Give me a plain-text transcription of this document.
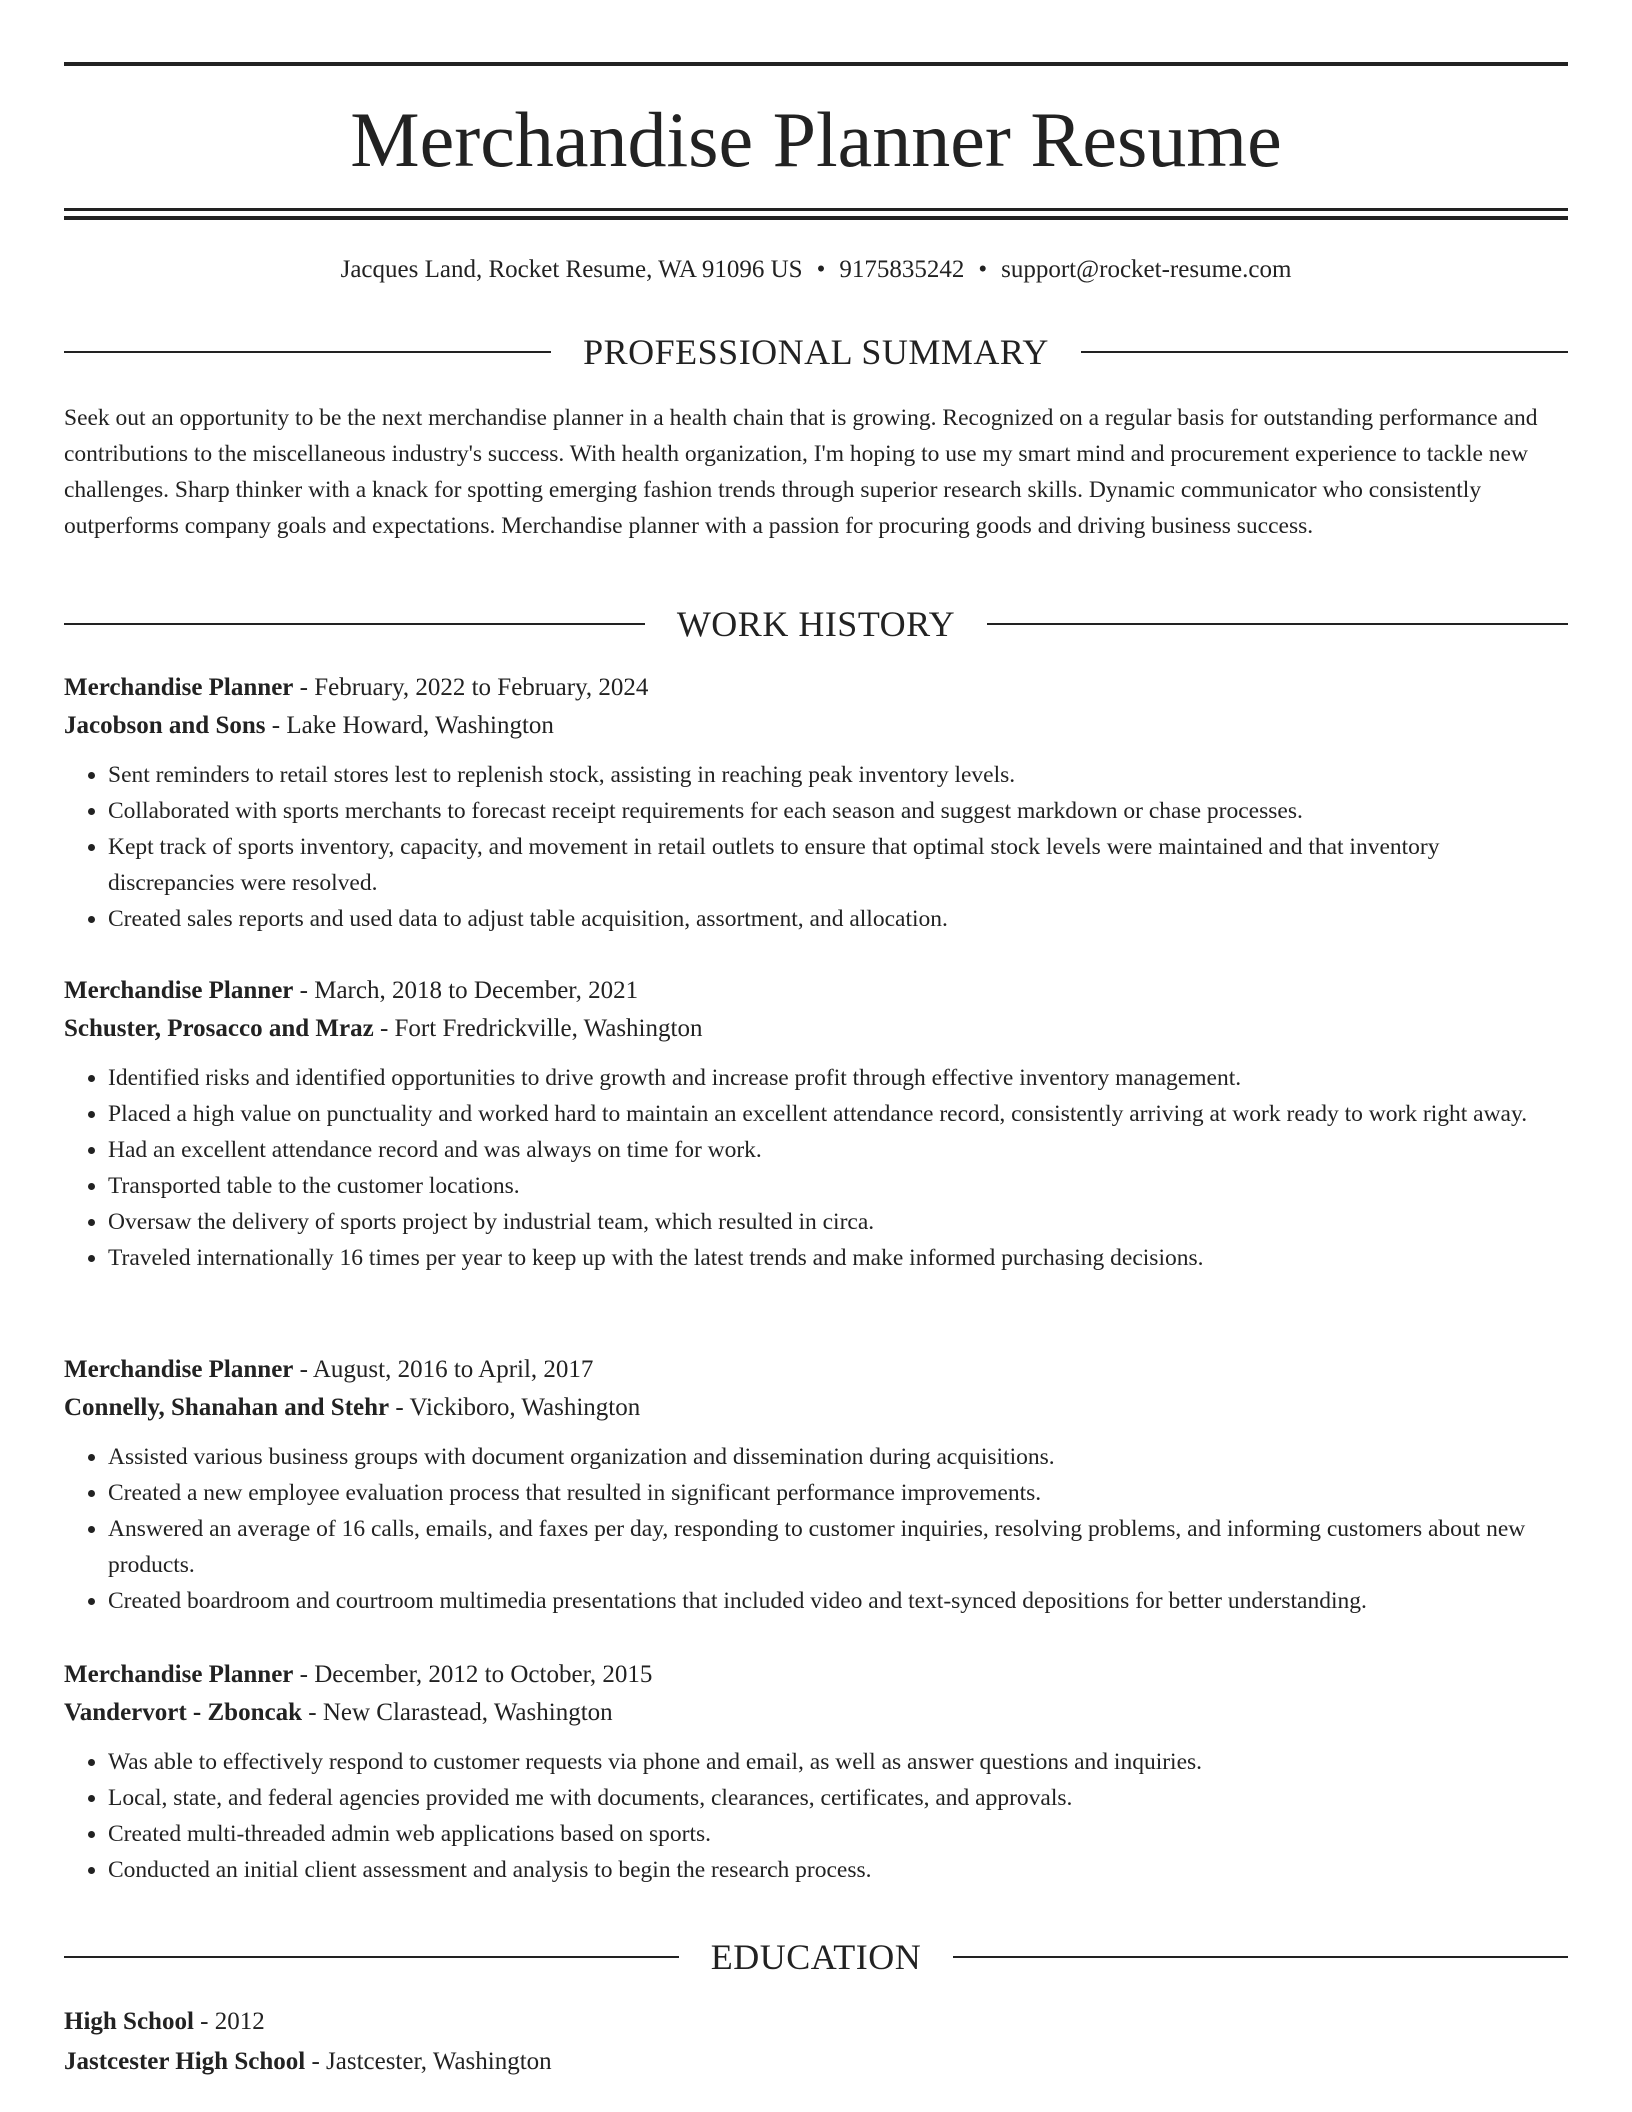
Merchandise Planner Resume
Jacques Land, Rocket Resume, WA 91096 US • 9175835242 • support@rocket-resume.com
PROFESSIONAL SUMMARY

Seek out an opportunity to be the next merchandise planner in a health chain that is growing. Recognized on a regular basis for outstanding performance and contributions to the miscellaneous industry's success. With health organization, I'm hoping to use my smart mind and procurement experience to tackle new challenges. Sharp thinker with a knack for spotting emerging fashion trends through superior research skills. Dynamic communicator who consistently outperforms company goals and expectations. Merchandise planner with a passion for procuring goods and driving business success.

WORK HISTORY
Merchandise Planner - February, 2022 to February, 2024
Jacobson and Sons - Lake Howard, Washington
• Sent reminders to retail stores lest to replenish stock, assisting in reaching peak inventory levels.
• Collaborated with sports merchants to forecast receipt requirements for each season and suggest markdown or chase processes.
• Kept track of sports inventory, capacity, and movement in retail outlets to ensure that optimal stock levels were maintained and that inventory discrepancies were resolved.
• Created sales reports and used data to adjust table acquisition, assortment, and allocation.
Merchandise Planner - March, 2018 to December, 2021
Schuster, Prosacco and Mraz - Fort Fredrickville, Washington
• Identified risks and identified opportunities to drive growth and increase profit through effective inventory management.
• Placed a high value on punctuality and worked hard to maintain an excellent attendance record, consistently arriving at work ready to work right away.
• Had an excellent attendance record and was always on time for work.
• Transported table to the customer locations.
• Oversaw the delivery of sports project by industrial team, which resulted in circa.
• Traveled internationally 16 times per year to keep up with the latest trends and make informed purchasing decisions.
Merchandise Planner - August, 2016 to April, 2017
Connelly, Shanahan and Stehr - Vickiboro, Washington
• Assisted various business groups with document organization and dissemination during acquisitions.
• Created a new employee evaluation process that resulted in significant performance improvements.
• Answered an average of 16 calls, emails, and faxes per day, responding to customer inquiries, resolving problems, and informing customers about new products.
• Created boardroom and courtroom multimedia presentations that included video and text-synced depositions for better understanding.
Merchandise Planner - December, 2012 to October, 2015
Vandervort - Zboncak - New Clarastead, Washington
• Was able to effectively respond to customer requests via phone and email, as well as answer questions and inquiries.
• Local, state, and federal agencies provided me with documents, clearances, certificates, and approvals.
• Created multi-threaded admin web applications based on sports.
• Conducted an initial client assessment and analysis to begin the research process.
EDUCATION
High School - 2012
Jastcester High School - Jastcester, Washington
